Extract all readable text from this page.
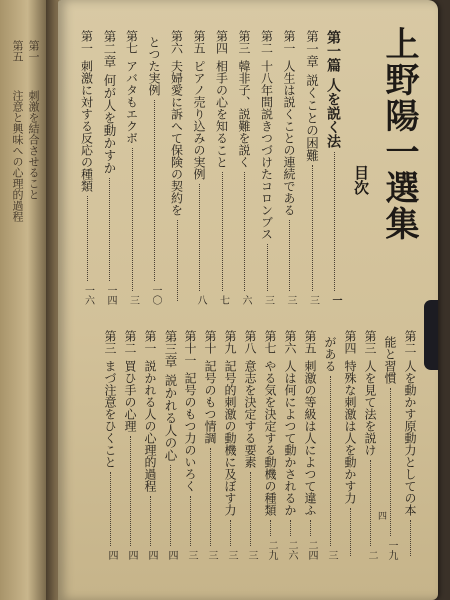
第一
第五
刺激を結合させること
注意と興味への心理的過程	上野陽一選集
目次
第一篇
人を説く法
一
第一章
説くことの困難
三
第一
人生は説くことの連続である
三
第二
十八年間説きつづけたコロンブス
三
第三
韓非子、説難を説く
六
第四
相手の心を知ること
七
第五
ピアノ売り込みの実例
八
第六
夫婦愛に訴へて保険の契約を
とつた実例
一〇
第七
アバタもエクボ
三
第二章
何が人を動かすか
一四
第一
刺激に対する反応の種類
一六
第二
人を動かす原動力としての本
能と習慣
一九
第三
人を見て法を説け
二
第四
特殊な刺激は人を動かす力
がある
三
第五
刺激の等級は人によつて違ふ
二四
第六
人は何によつて動かされるか
二六
第七
やる気を決定する動機の種類
二九
第八
意志を決定する要素
三
第九
記号的刺激の動機に及ぼす力
三
第十
記号のもつ情調
三
第十一
記号のもつ力のいろく
三
第三章
説かれる人の心
四
第一
説かれる人の心理的過程
四
第二
買ひ手の心理
四
第三
まづ注意をひくこと
四
四
